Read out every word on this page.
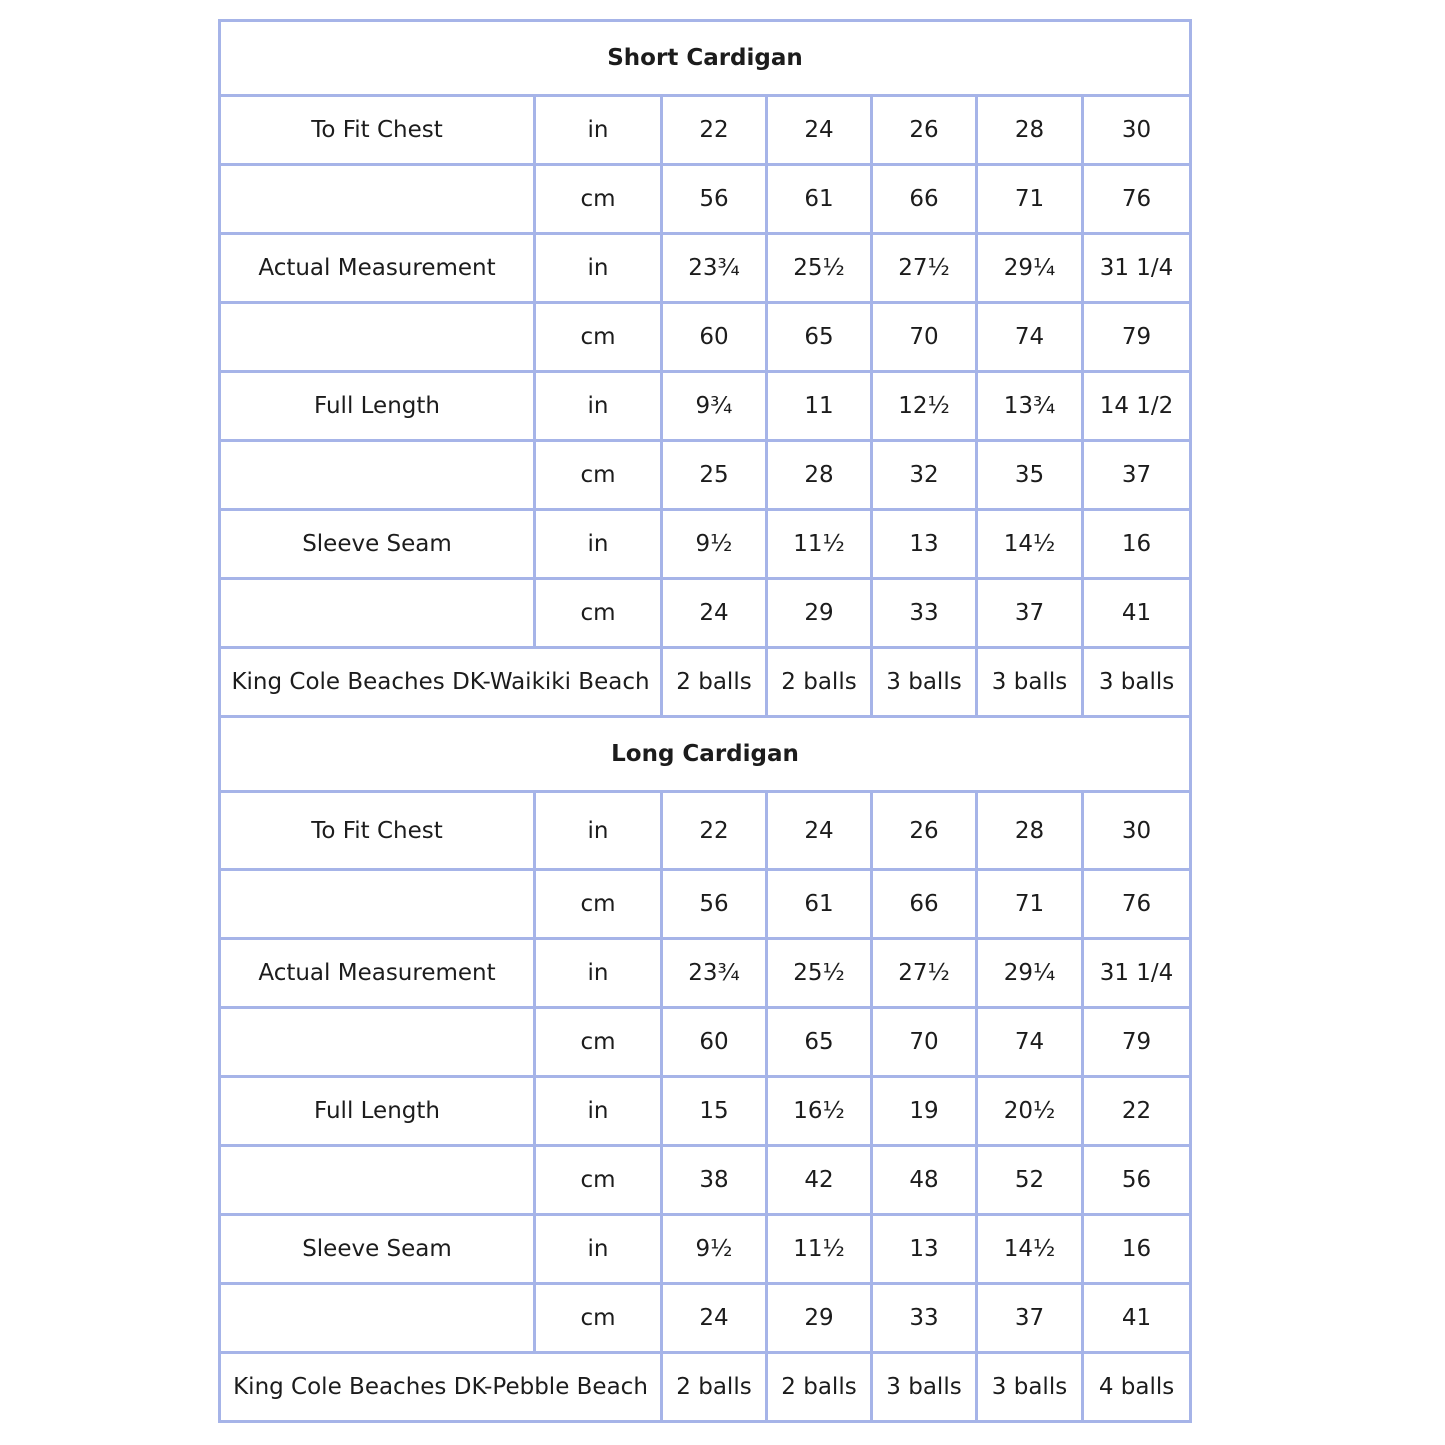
Short Cardigan						
To Fit Chest	in	22	24	26	28	30
	cm	56	61	66	71	76
Actual Measurement	in	23¾	25½	27½	29¼	31 1/4
	cm	60	65	70	74	79
Full Length	in	9¾	11	12½	13¾	14 1/2
	cm	25	28	32	35	37
Sleeve Seam	in	9½	11½	13	14½	16
	cm	24	29	33	37	41
King Cole Beaches DK-Waikiki Beach		2 balls	2 balls	3 balls	3 balls	3 balls
Long Cardigan						
To Fit Chest	in	22	24	26	28	30
	cm	56	61	66	71	76
Actual Measurement	in	23¾	25½	27½	29¼	31 1/4
	cm	60	65	70	74	79
Full Length	in	15	16½	19	20½	22
	cm	38	42	48	52	56
Sleeve Seam	in	9½	11½	13	14½	16
	cm	24	29	33	37	41
King Cole Beaches DK-Pebble Beach		2 balls	2 balls	3 balls	3 balls	4 balls
